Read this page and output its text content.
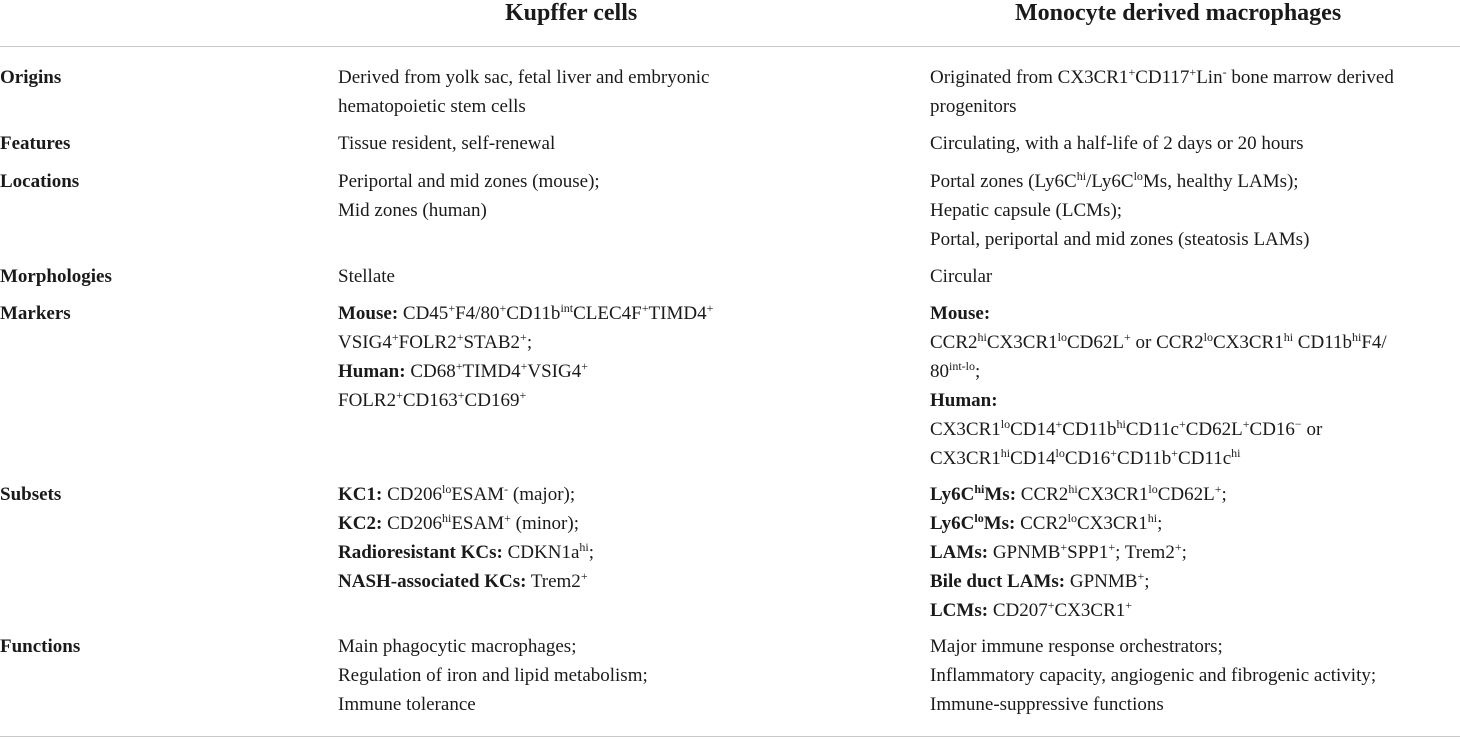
Kupffer cells	Monocyte derived macrophages
Origins
Features
Locations
Morphologies
Markers
Subsets
Functions
Derived from yolk sac, fetal liver and embryonic
hematopoietic stem cells
Tissue resident, self-renewal
Periportal and mid zones (mouse);
Mid zones (human)
Stellate
Mouse: $CD45^+F4/80^+CD11b^{int}CLEC4F^+TIMD4^+$
VSIG4+FOLR2+STAB2+;
Human: CD68+TIMD4+VSIG4+
FOLR2+CD163+CD169+
KC1: $CD206^{lo}ESAM^-$ (major);
KC2: $CD206^{hi}ESAM^+$ (minor);
Radioresistant KCs: $CDKN1a^{hi}$;
NASH-associated KCs: Trem2+
Main phagocytic macrophages;
Regulation of iron and lipid metabolism;
Immune tolerance
Originated from CX3CR1+CD117+Lin- bone marrow derived
progenitors
Circulating, with a half-life of 2 days or 20 hours
Portal zones ($Ly6C^{hi}/Ly6C^{lo}Ms$, healthy LAMs);
Hepatic capsule (LCMs);
Portal, periportal and mid zones (steatosis LAMs)
Circular
Mouse:
$CCR2^{hi}CX3CR1^{lo}CD62L^+$ or $CCR2^{lo}CX3CR1^{hi}$ $CD11b^{hi}F4/$
$80^{int-lo}$;
Human:
$CX3CR1^{lo}CD14^+CD11b^{hi}CD11c^+CD62L^+CD16^-$ or
$CX3CR1^{hi}CD14^{lo}CD16^+CD11b^+CD11c^{hi}$
$Ly6C^{hi}Ms$: $CCR2^{hi}CX3CR1^{lo}CD62L^+$;
$Ly6C^{lo}Ms$: $CCR2^{lo}CX3CR1^{hi}$;
LAMs: GPNMB+SPP1+; Trem2+;
Bile duct LAMs: GPNMB+;
LCMs: CD207+CX3CR1+
Major immune response orchestrators;
Inflammatory capacity, angiogenic and fibrogenic activity;
Immune-suppressive functions
